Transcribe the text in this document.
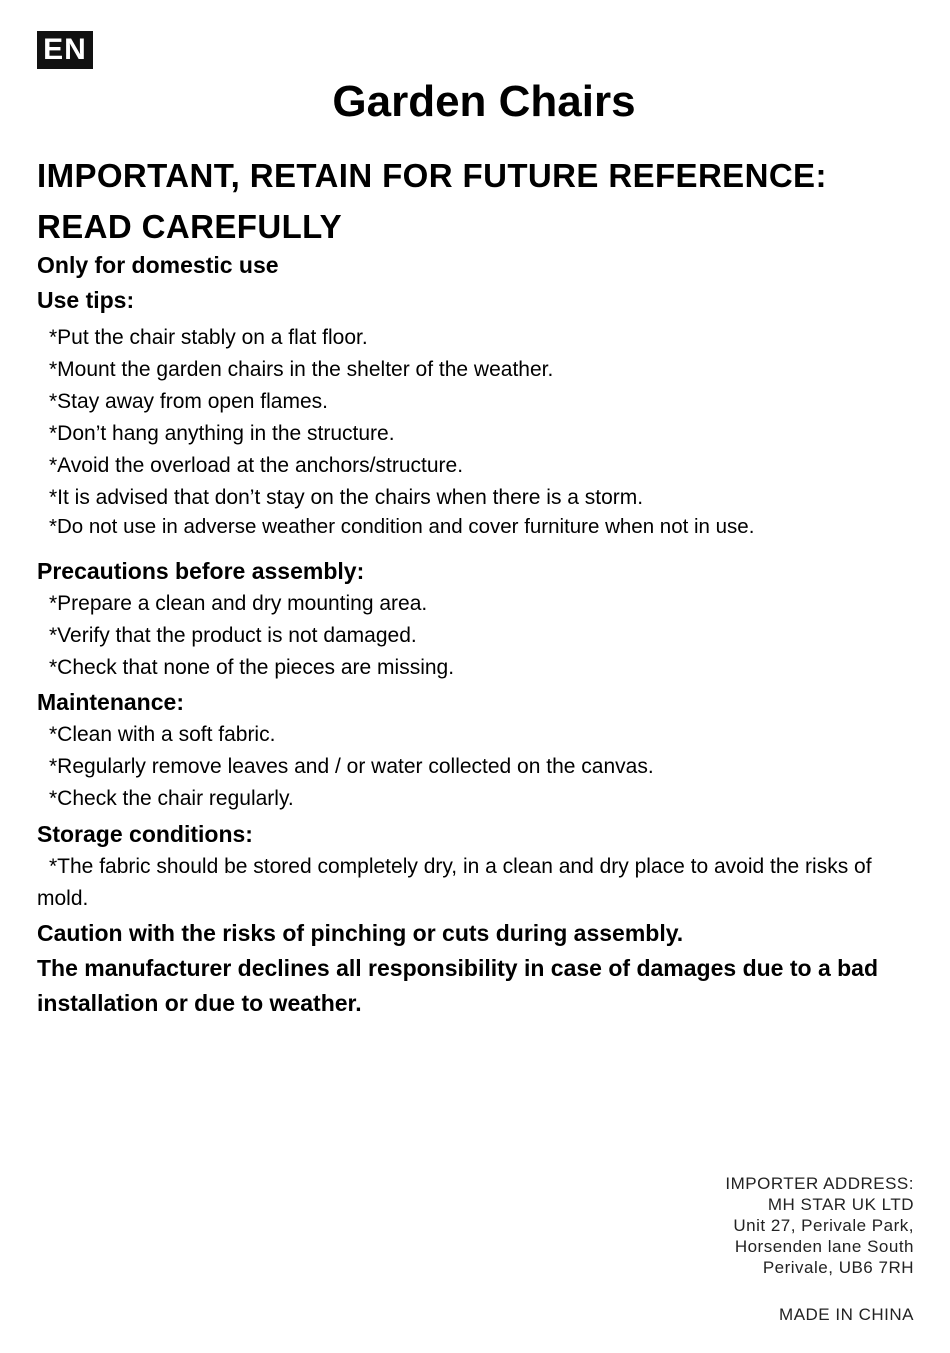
EN
Garden Chairs
IMPORTANT, RETAIN FOR FUTURE REFERENCE: READ CAREFULLY
Only for domestic use
Use tips:
*Put the chair stably on a flat floor.
*Mount the garden chairs in the shelter of the weather.
*Stay away from open flames.
*Don’t hang anything in the structure.
*Avoid the overload at the anchors/structure.
*It is advised that don’t stay on the chairs when there is a storm.
*Do not use in adverse weather condition and cover furniture when not in use.
Precautions before assembly:
*Prepare a clean and dry mounting area.
*Verify that the product is not damaged.
*Check that none of the pieces are missing.
Maintenance:
*Clean with a soft fabric.
*Regularly remove leaves and / or water collected on the canvas.
*Check the chair regularly.
Storage conditions:
*The fabric should be stored completely dry, in a clean and dry place to avoid the risks of mold.
Caution with the risks of pinching or cuts during assembly.
The manufacturer declines all responsibility in case of damages due to a bad installation or due to weather.
IMPORTER ADDRESS:
MH STAR UK LTD
Unit 27, Perivale Park,
Horsenden lane South
Perivale, UB6 7RH
MADE IN CHINA
